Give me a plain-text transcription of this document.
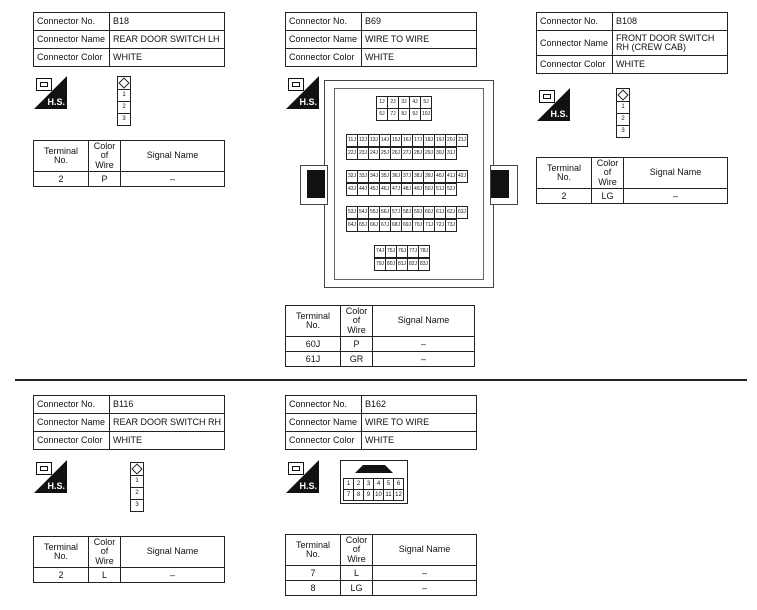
Connector No.	B18
Connector Name	REAR DOOR SWITCH LH
Connector Color	WHITE
H.S.
1
2
3
Terminal No.	Color of Wire	Signal Name
2	P	–
Connector No.	B69
Connector Name	WIRE TO WIRE
Connector Color	WHITE
H.S.	1J	2J	3J	4J	5J
6J	7J	8J	9J 10J
11J 12J 13J 14J 15J 16J 17J 18J 19J 20J 21J
22J 23J 24J 25J 26J 27J 28J 29J 30J 31J
32J 33J 34J 35J 36J 37J 38J 39J 40J 41J 42J
43J 44J 45J 46J 47J 48J 49J 50J 51J 52J
53J 54J 55J 56J 57J 58J 59J 60J 61J 62J 63J
64J 65J 66J 67J 68J 69J 70J 71J 72J 73J
74J 75J 76J 77J 78J
79J 80J 81J 82J 83J
Terminal No.	Color of Wire	Signal Name
60J	P	–
61J	GR	–
Connector No.	B108
Connector Name	FRONT DOOR SWITCH RH (CREW CAB)
Connector Color	WHITE
H.S.
1
2
3
Terminal No.	Color of Wire	Signal Name
2	LG	–
Connector No.	B116
Connector Name	REAR DOOR SWITCH RH
Connector Color	WHITE
H.S.	1
2
3
Terminal No.	Color of Wire	Signal Name
2	L	–
Connector No.	B162
Connector Name	WIRE TO WIRE
Connector Color	WHITE
H.S.	1	2	3	4	5	6
7	8	9 10 11 12
Terminal No.	Color of Wire	Signal Name
7	L	–
8	LG	–
